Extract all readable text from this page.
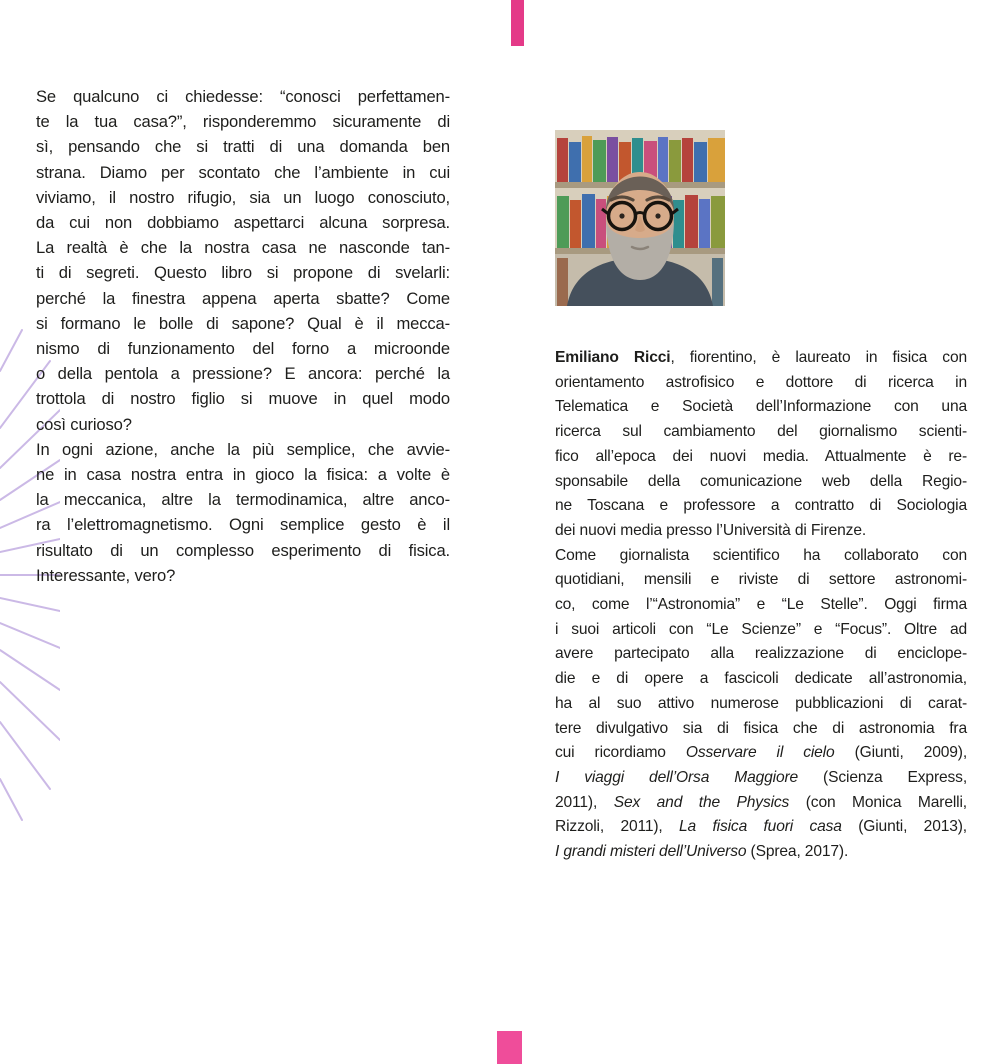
Se qualcuno ci chiedesse: “conosci perfettamen-
te la tua casa?”, risponderemmo sicuramente di
sì, pensando che si tratti di una domanda ben
strana. Diamo per scontato che l’ambiente in cui
viviamo, il nostro rifugio, sia un luogo conosciuto,
da cui non dobbiamo aspettarci alcuna sorpresa.
La realtà è che la nostra casa ne nasconde tan-
ti di segreti. Questo libro si propone di svelarli:
perché la finestra appena aperta sbatte? Come
si formano le bolle di sapone? Qual è il mecca-
nismo di funzionamento del forno a microonde
o della pentola a pressione? E ancora: perché la
trottola di nostro figlio si muove in quel modo
così curioso?
In ogni azione, anche la più semplice, che avvie-
ne in casa nostra entra in gioco la fisica: a volte è
la meccanica, altre la termodinamica, altre anco-
ra l’elettromagnetismo. Ogni semplice gesto è il
risultato di un complesso esperimento di fisica.
Interessante, vero?
Emiliano Ricci, fiorentino, è laureato in fisica con
orientamento astrofisico e dottore di ricerca in
Telematica e Società dell’Informazione con una
ricerca sul cambiamento del giornalismo scienti-
fico all’epoca dei nuovi media. Attualmente è re-
sponsabile della comunicazione web della Regio-
ne Toscana e professore a contratto di Sociologia
dei nuovi media presso l’Università di Firenze.
Come giornalista scientifico ha collaborato con
quotidiani, mensili e riviste di settore astronomi-
co, come l’“Astronomia” e “Le Stelle”. Oggi firma
i suoi articoli con “Le Scienze” e “Focus”. Oltre ad
avere partecipato alla realizzazione di enciclope-
die e di opere a fascicoli dedicate all’astronomia,
ha al suo attivo numerose pubblicazioni di carat-
tere divulgativo sia di fisica che di astronomia fra
cui ricordiamo Osservare il cielo (Giunti, 2009),
I viaggi dell’Orsa Maggiore (Scienza Express,
2011), Sex and the Physics (con Monica Marelli,
Rizzoli, 2011), La fisica fuori casa (Giunti, 2013),
I grandi misteri dell’Universo (Sprea, 2017).
